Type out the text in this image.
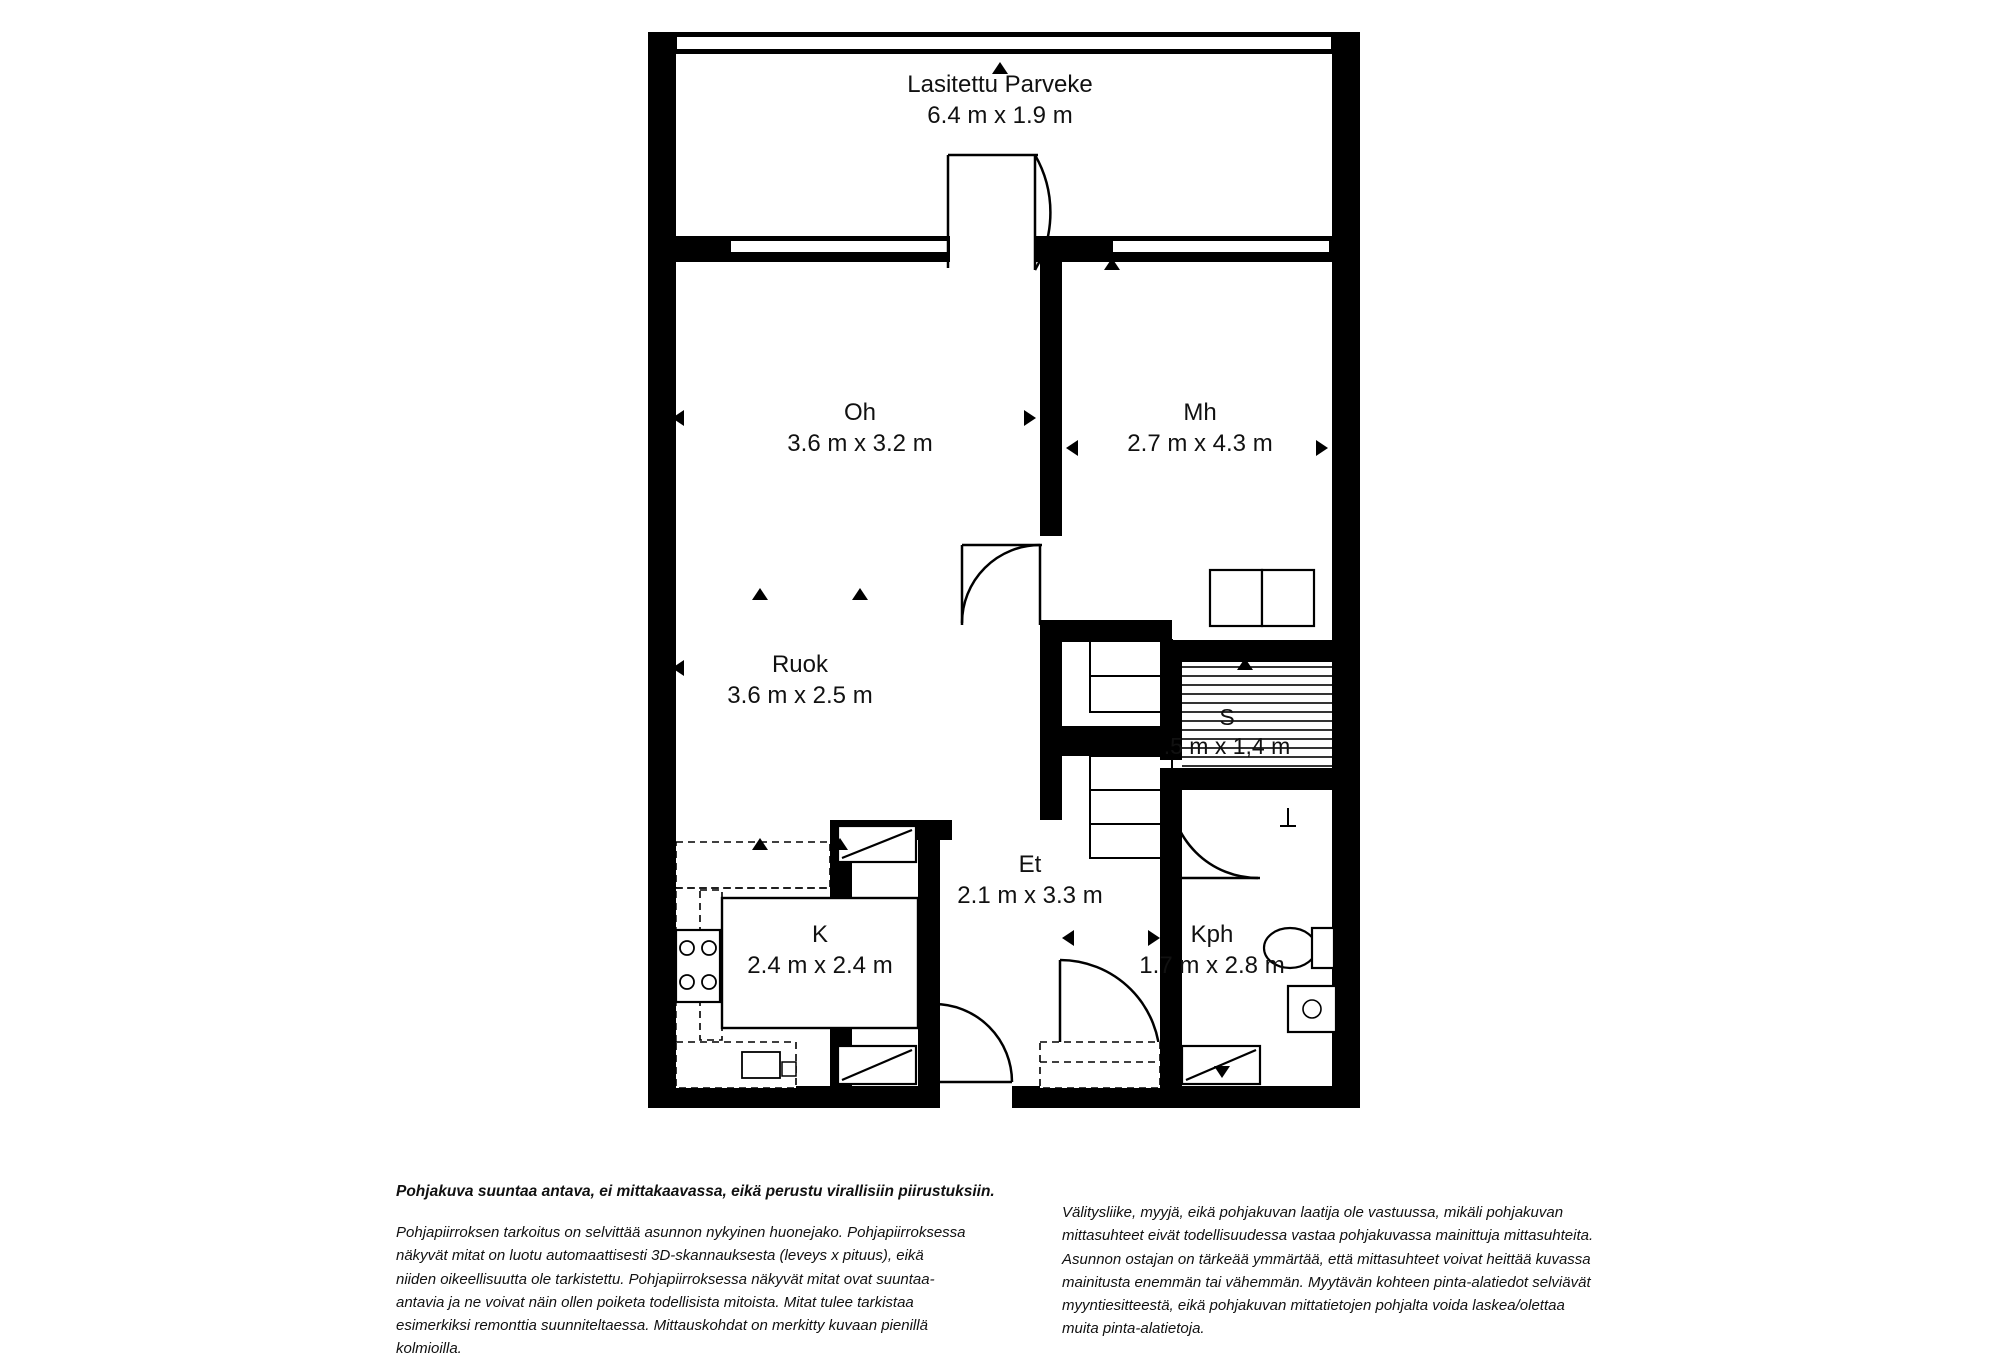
Lasitettu Parveke
6.4 m x 1.9 m
Oh
3.6 m x 3.2 m
Mh
2.7 m x 4.3 m
Ruok
3.6 m x 2.5 m
S
.5 m x 1,4 m
Et
2.1 m x 3.3 m
K
2.4 m x 2.4 m
Kph
1.7 m x 2.8 m
Pohjakuva suuntaa antava, ei mittakaavassa, eikä perustu virallisiin piirustuksiin.
Pohjapiirroksen tarkoitus on selvittää asunnon nykyinen huonejako. Pohjapiirroksessa näkyvät mitat on luotu automaattisesti 3D-skannauksesta (leveys x pituus), eikä niiden oikeellisuutta ole tarkistettu. Pohjapiirroksessa näkyvät mitat ovat suuntaa-antavia ja ne voivat näin ollen poiketa todellisista mitoista. Mitat tulee tarkistaa esimerkiksi remonttia suunniteltaessa. Mittauskohdat on merkitty kuvaan pienillä kolmioilla.
Välitysliike, myyjä, eikä pohjakuvan laatija ole vastuussa, mikäli pohjakuvan mittasuhteet eivät todellisuudessa vastaa pohjakuvassa mainittuja mittasuhteita. Asunnon ostajan on tärkeää ymmärtää, että mittasuhteet voivat heittää kuvassa mainitusta enemmän tai vähemmän. Myytävän kohteen pinta-alatiedot selviävät myyntiesitteestä, eikä pohjakuvan mittatietojen pohjalta voida laskea/olettaa muita pinta-alatietoja.
